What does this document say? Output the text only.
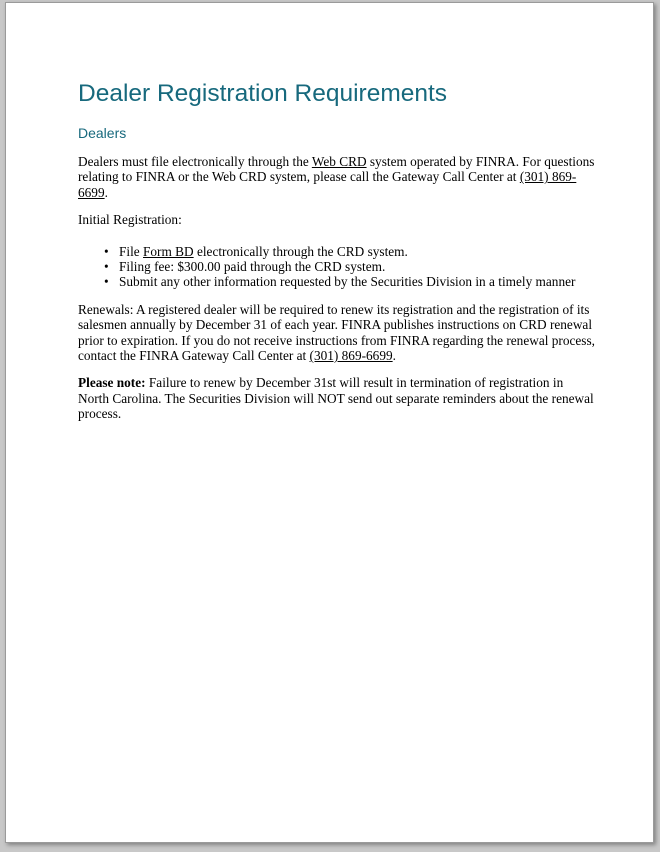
Dealer Registration Requirements
Dealers

Dealers must file electronically through the Web CRD system operated by FINRA. For questions
relating to FINRA or the Web CRD system, please call the Gateway Call Center at (301) 869-
6699.

Initial Registration:

• File Form BD electronically through the CRD system.
• Filing fee: $300.00 paid through the CRD system.
• Submit any other information requested by the Securities Division in a timely manner

Renewals: A registered dealer will be required to renew its registration and the registration of its
salesmen annually by December 31 of each year. FINRA publishes instructions on CRD renewal
prior to expiration. If you do not receive instructions from FINRA regarding the renewal process,
contact the FINRA Gateway Call Center at (301) 869-6699.

Please note: Failure to renew by December 31st will result in termination of registration in
North Carolina. The Securities Division will NOT send out separate reminders about the renewal
process.
